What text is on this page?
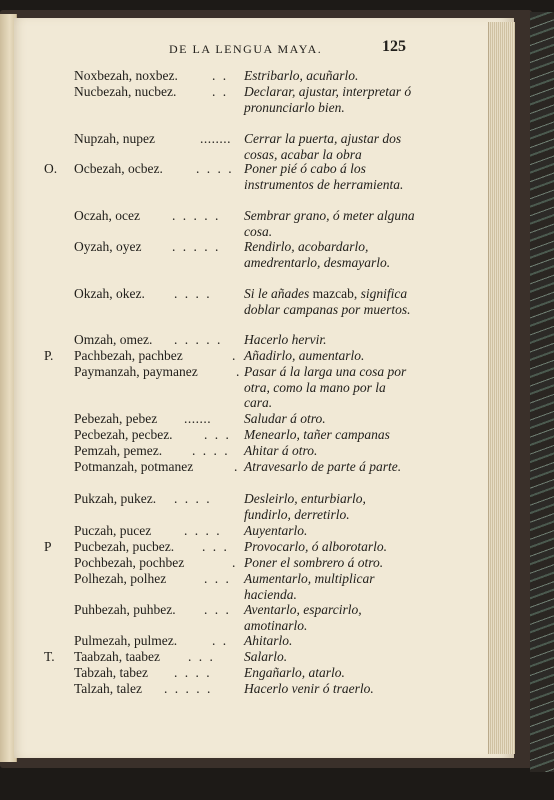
DE LA LENGUA MAYA.	125
Noxbezah, noxbez.	. . Estribarlo, acuñarlo.
Nucbezah, nucbez.	. . Declarar, ajustar, interpretar ó pronunciarlo bien.
Nupzah, nupez	........ Cerrar la puerta, ajustar dos cosas, acabar la obra
O.	Ocbezah, ocbez. . . . . Poner pié ó cabo á los instrumentos de herramienta.
Oczah, ocez . . . . . Sembrar grano, ó meter alguna cosa.
Oyzah, oyez . . . . . Rendirlo, acobardarlo, amedrentarlo, desmayarlo.
Okzah, okez. . . . . Si le añades mazcab, significa doblar campanas por muertos.
Omzah, omez. . . . . . Hacerlo hervir.
P.	Pachbezah, pachbez	. Añadirlo, aumentarlo.
Paymanzah, paymanez	. Pasar á la larga una cosa por otra, como la mano por la cara.
Pebezah, pebez ....... Saludar á otro.
Pecbezah, pecbez. . . . Menearlo, tañer campanas
Pemzah, pemez. . . . . Ahitar á otro.
Potmanzah, potmanez	. Atravesarlo de parte á parte.
Pukzah, pukez. . . . . Desleirlo, enturbiarlo, fundirlo, derretirlo.
Puczah, pucez . . . . Auyentarlo.
P	Pucbezah, pucbez. . . . Provocarlo, ó alborotarlo.
Pochbezah, pochbez	. Poner el sombrero á otro.
Polhezah, polhez	. . . Aumentarlo, multiplicar hacienda.
Puhbezah, puhbez. . . . Aventarlo, esparcirlo, amotinarlo.
Pulmezah, pulmez.	. . Ahitarlo.
T.	Taabzah, taabez . . . Salarlo.
Tabzah, tabez . . . . Engañarlo, atarlo.
Talzah, talez . . . . . Hacerlo venir ó traerlo.
